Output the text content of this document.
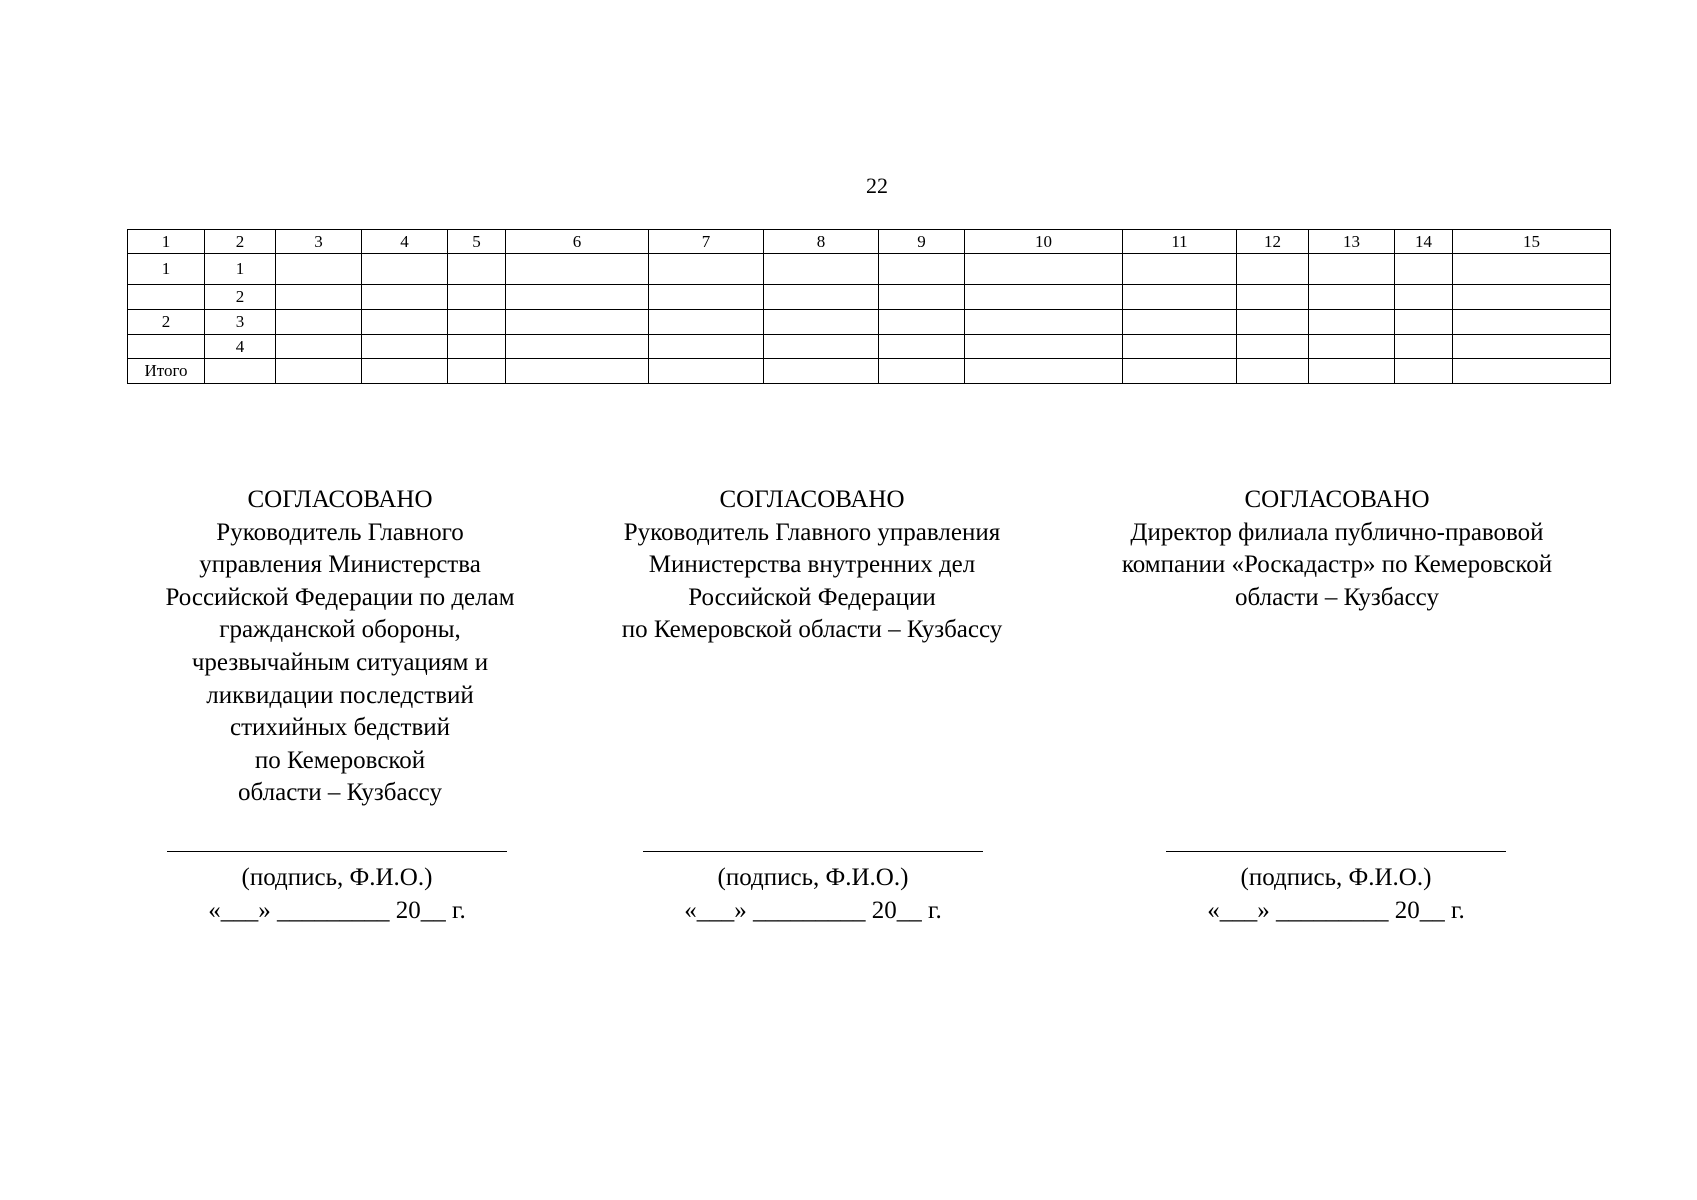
22
1	2	3	4	5	6	7	8	9	10	11	12	13	14	15
1	1													
	2													
2	3													
	4													
Итого														
СОГЛАСОВАНО
Руководитель Главного
управления Министерства
Российской Федерации по делам
гражданской обороны,
чрезвычайным ситуациям и
ликвидации последствий
стихийных бедствий
по Кемеровской
области – Кузбассу
СОГЛАСОВАНО
Руководитель Главного управления
Министерства внутренних дел
Российской Федерации
по Кемеровской области – Кузбассу
СОГЛАСОВАНО
Директор филиала публично-правовой
компании «Роскадастр» по Кемеровской
области – Кузбассу
(подпись, Ф.И.О.)
«___» _________ 20__ г.
(подпись, Ф.И.О.)
«___» _________ 20__ г.
(подпись, Ф.И.О.)
«___» _________ 20__ г.
